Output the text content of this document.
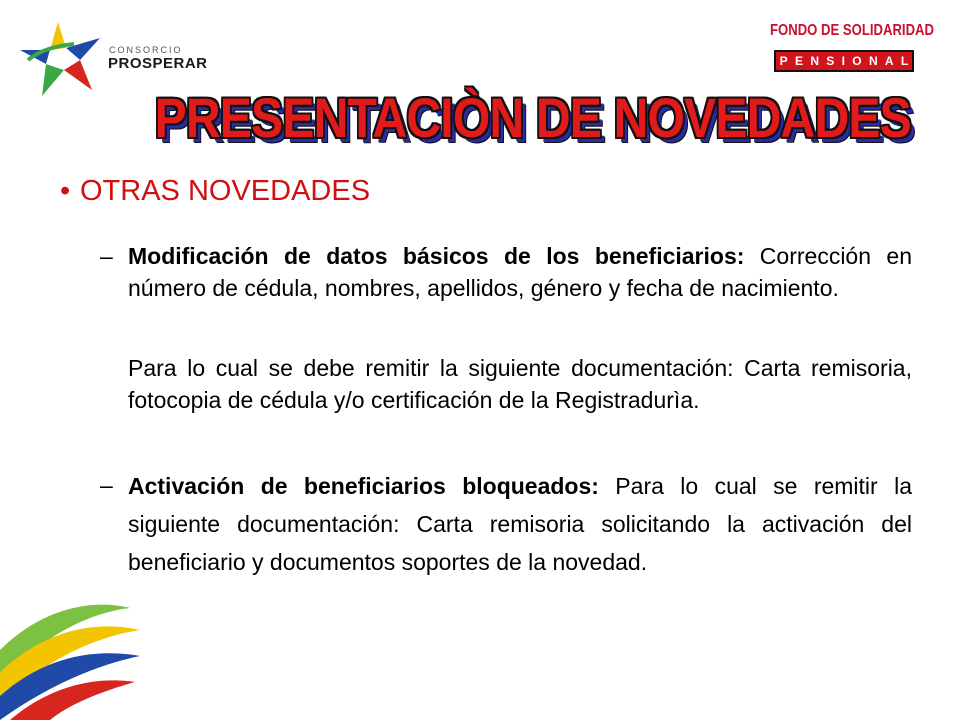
CONSORCIO
PROSPERAR
FONDO DE SOLIDARIDAD
P E N S I O N A L
PRESENTACIÒN DE NOVEDADES
• OTRAS NOVEDADES
– Modificación de datos básicos de los beneficiarios: Corrección en número de cédula, nombres, apellidos, género y fecha de nacimiento.
Para lo cual se debe remitir la siguiente documentación: Carta remisoria, fotocopia de cédula y/o certificación de la Registradurìa.
– Activación de beneficiarios bloqueados: Para lo cual se remitir la siguiente documentación: Carta remisoria solicitando la activación del beneficiario y documentos soportes de la novedad.
